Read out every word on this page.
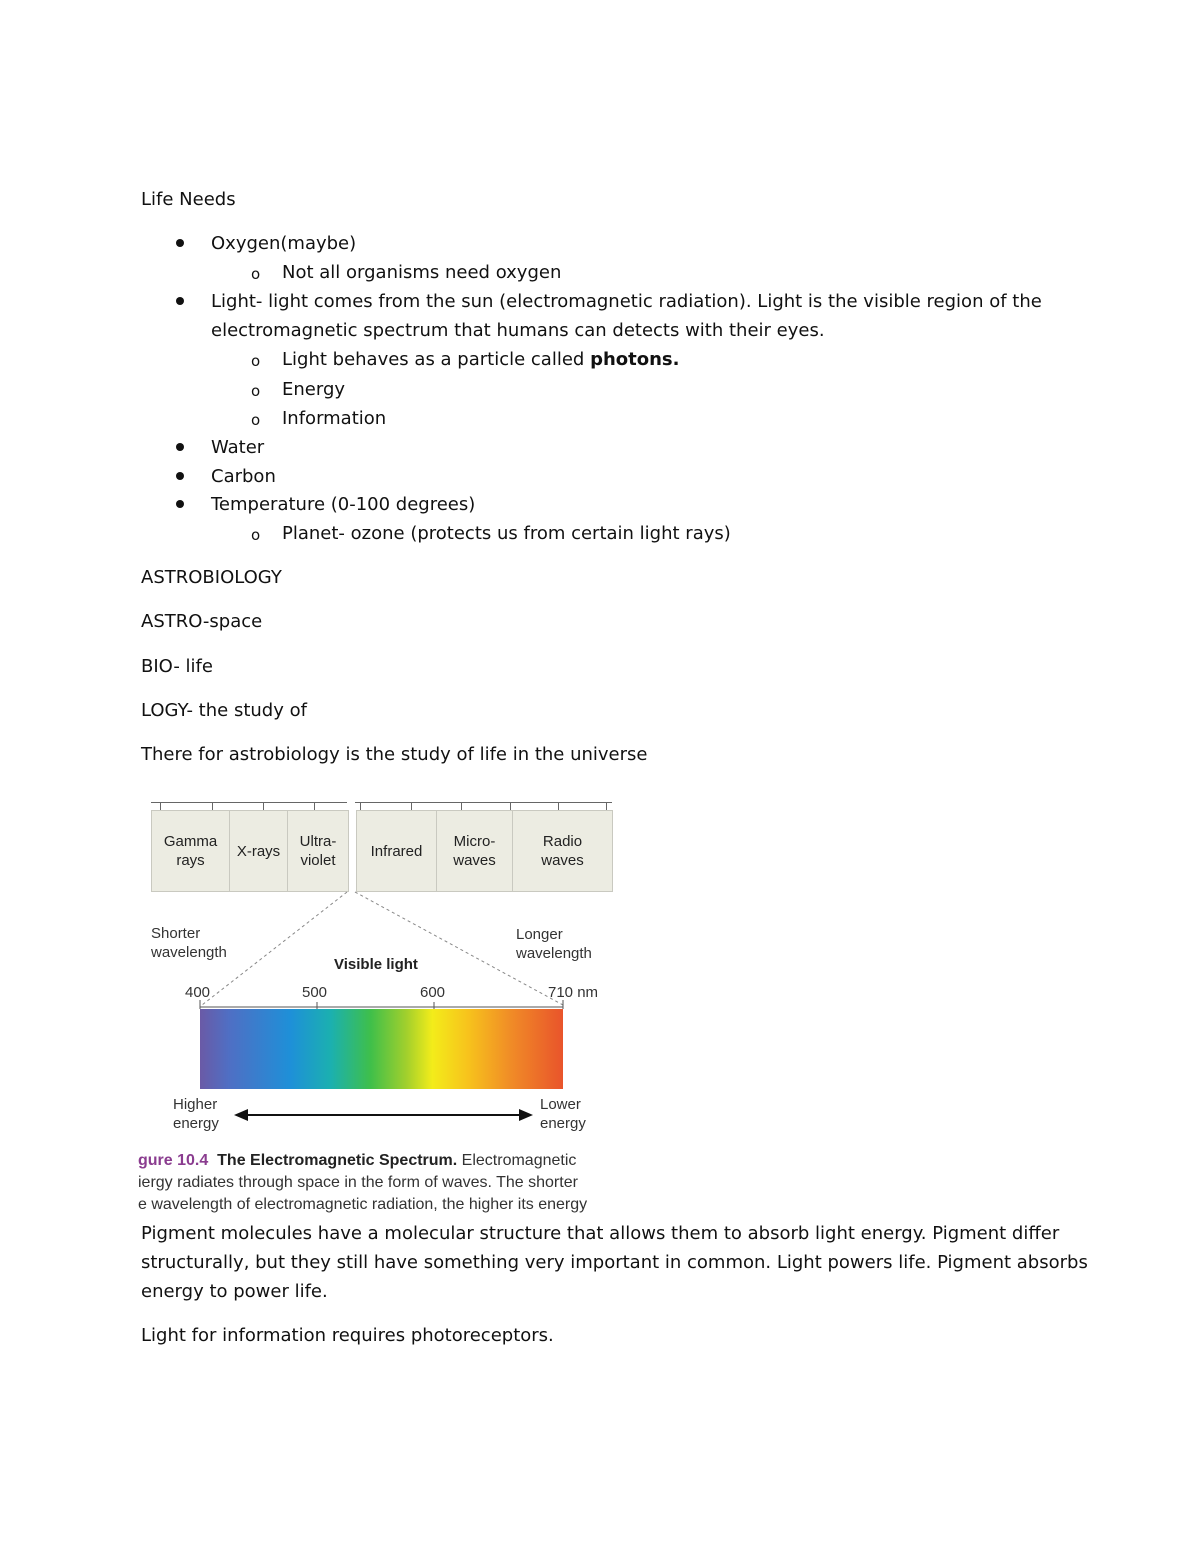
Life Needs
Oxygen(maybe)
o Not all organisms need oxygen
Light- light comes from the sun (electromagnetic radiation). Light is the visible region of the
electromagnetic spectrum that humans can detects with their eyes.
o Light behaves as a particle called photons.
o Energy
o Information
Water
Carbon
Temperature (0-100 degrees)
o Planet- ozone (protects us from certain light rays)
ASTROBIOLOGY
ASTRO-space
BIO- life
LOGY- the study of
There for astrobiology is the study of life in the universe
Gamma
rays
X-rays
Ultra-
violet
Infrared
Micro-
waves
Radio
waves
Shorter
wavelength
Longer
wavelength
Visible light
400	500	600	710 nm
Higher
energy
Lower
energy
gure 10.4 The Electromagnetic Spectrum. Electromagnetic
iergy radiates through space in the form of waves. The shorter
e wavelength of electromagnetic radiation, the higher its energy
Pigment molecules have a molecular structure that allows them to absorb light energy. Pigment differ
structurally, but they still have something very important in common. Light powers life. Pigment absorbs
energy to power life.
Light for information requires photoreceptors.
